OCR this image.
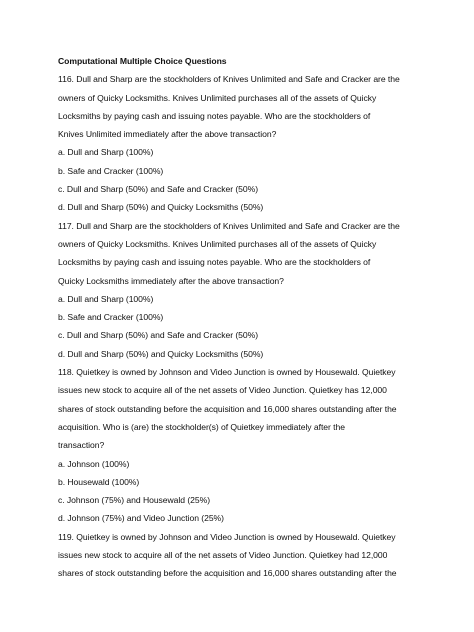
Computational Multiple Choice Questions
116. Dull and Sharp are the stockholders of Knives Unlimited and Safe and Cracker are the
owners of Quicky Locksmiths. Knives Unlimited purchases all of the assets of Quicky
Locksmiths by paying cash and issuing notes payable. Who are the stockholders of
Knives Unlimited immediately after the above transaction?
a. Dull and Sharp (100%)
b. Safe and Cracker (100%)
c. Dull and Sharp (50%) and Safe and Cracker (50%)
d. Dull and Sharp (50%) and Quicky Locksmiths (50%)
117. Dull and Sharp are the stockholders of Knives Unlimited and Safe and Cracker are the
owners of Quicky Locksmiths. Knives Unlimited purchases all of the assets of Quicky
Locksmiths by paying cash and issuing notes payable. Who are the stockholders of
Quicky Locksmiths immediately after the above transaction?
a. Dull and Sharp (100%)
b. Safe and Cracker (100%)
c. Dull and Sharp (50%) and Safe and Cracker (50%)
d. Dull and Sharp (50%) and Quicky Locksmiths (50%)
118. Quietkey is owned by Johnson and Video Junction is owned by Housewald. Quietkey
issues new stock to acquire all of the net assets of Video Junction. Quietkey has 12,000
shares of stock outstanding before the acquisition and 16,000 shares outstanding after the
acquisition. Who is (are) the stockholder(s) of Quietkey immediately after the
transaction?
a. Johnson (100%)
b. Housewald (100%)
c. Johnson (75%) and Housewald (25%)
d. Johnson (75%) and Video Junction (25%)
119. Quietkey is owned by Johnson and Video Junction is owned by Housewald. Quietkey
issues new stock to acquire all of the net assets of Video Junction. Quietkey had 12,000
shares of stock outstanding before the acquisition and 16,000 shares outstanding after the
